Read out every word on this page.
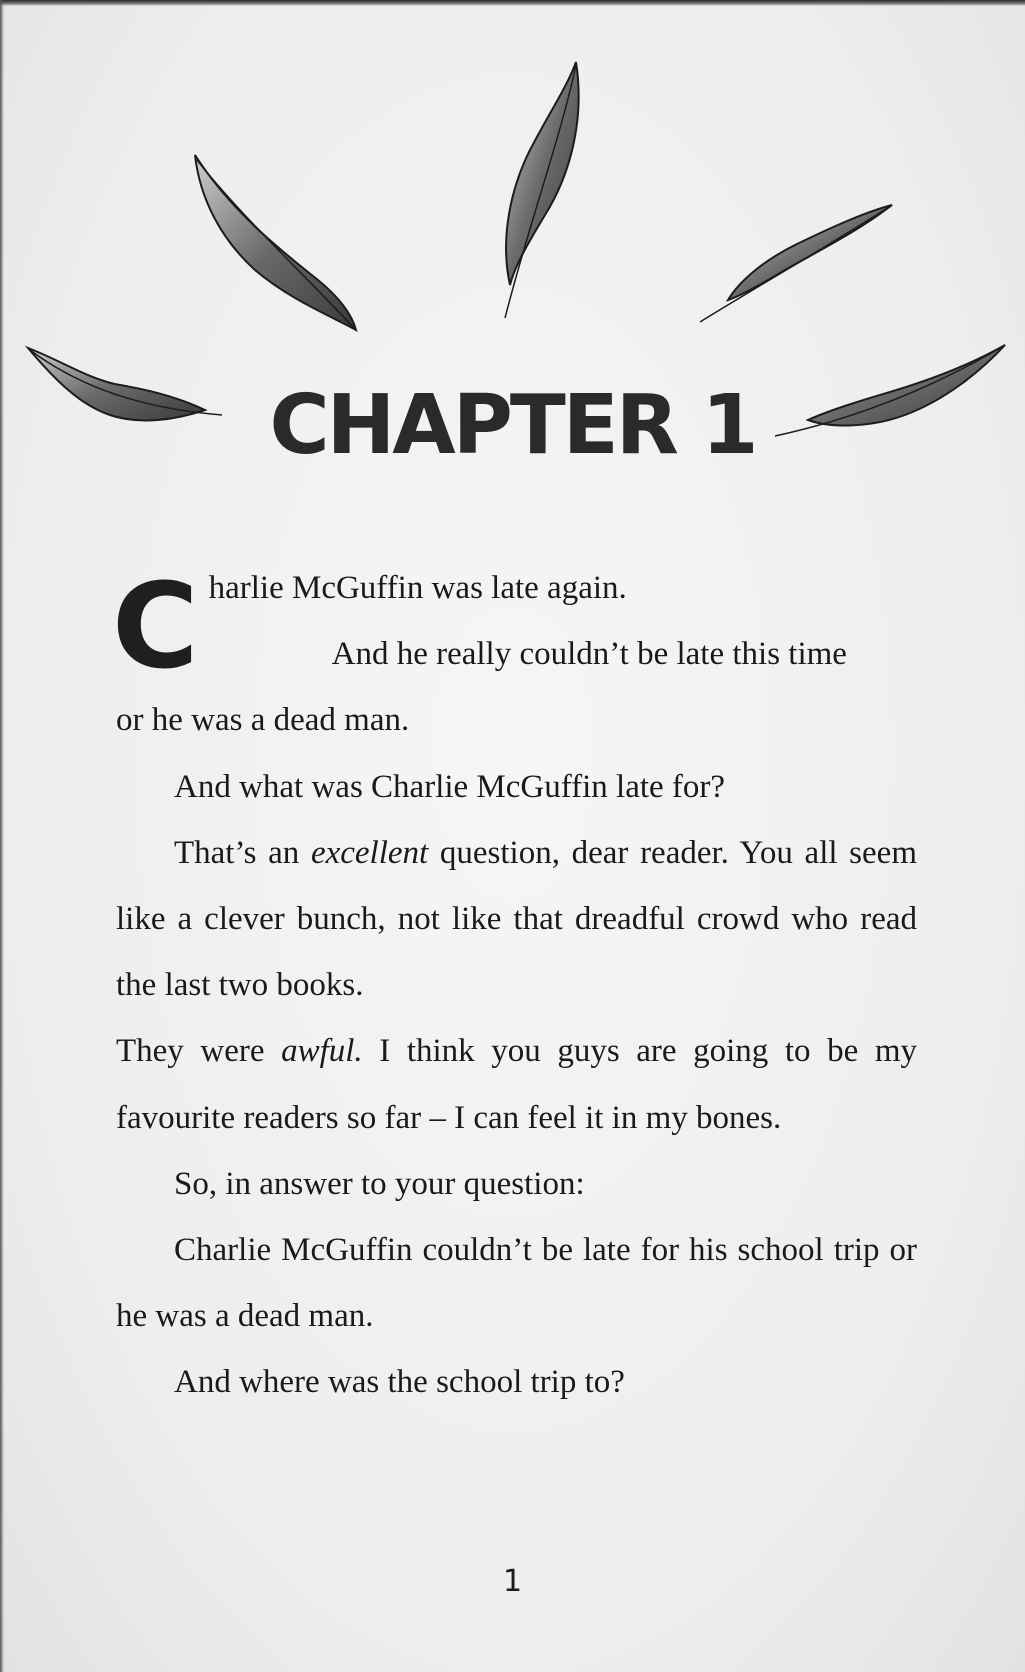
CHAPTER 1

Charlie McGuffin was late again.

And he really couldn’t be late this time

or he was a dead man.

And what was Charlie McGuffin late for?

That’s an excellent question, dear reader. You all seem like a clever bunch, not like that dreadful crowd who read the last two books.

They were awful. I think you guys are going to be my favourite readers so far – I can feel it in my bones.

So, in answer to your question:

Charlie McGuffin couldn’t be late for his school trip or he was a dead man.

And where was the school trip to?

1
